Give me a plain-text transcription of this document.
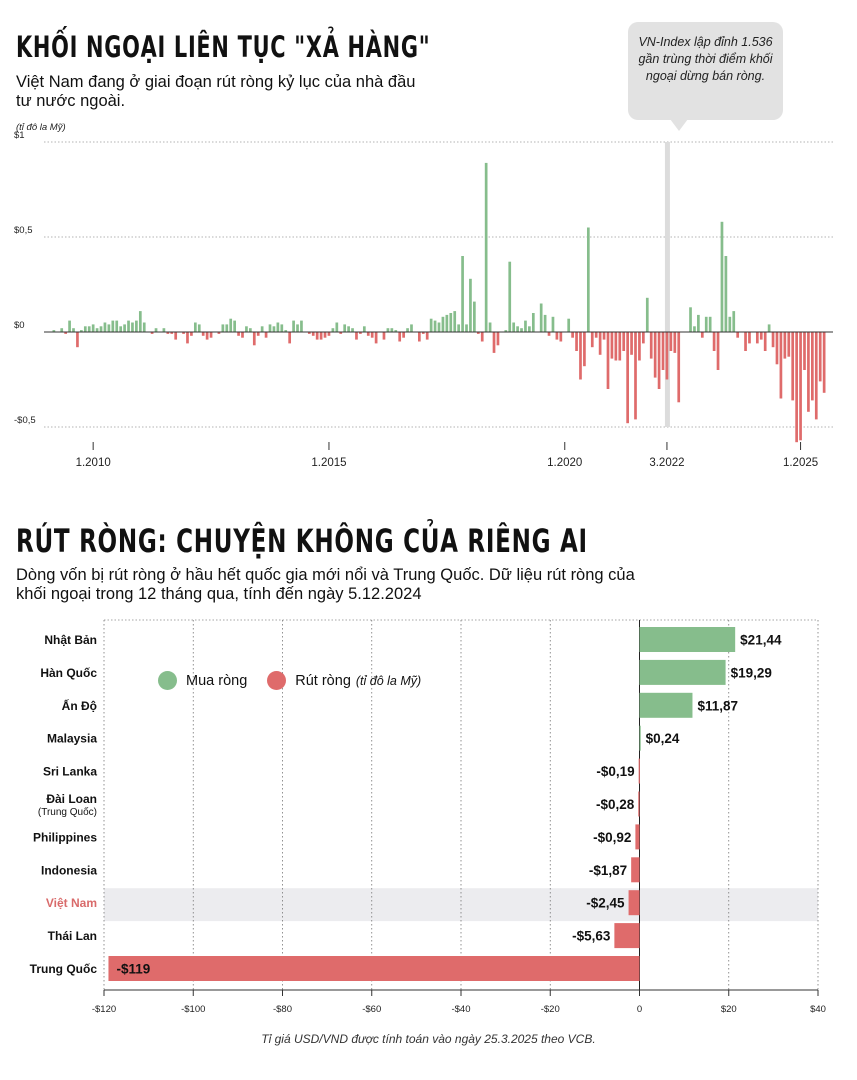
KHỐI NGOẠI LIÊN TỤC "XẢ HÀNG"
Việt Nam đang ở giai đoạn rút ròng kỷ lục của nhà đầu tư nước ngoài.
(tỉ đô la Mỹ)
VN-Index lập đỉnh 1.536 gần trùng thời điểm khối ngoại dừng bán ròng.
$1
$0,5
$0
-$0,5
1.2010	1.2015	1.2020	3.2022	1.2025
RÚT RÒNG: CHUYỆN KHÔNG CỦA RIÊNG AI
Dòng vốn bị rút ròng ở hầu hết quốc gia mới nổi và Trung Quốc. Dữ liệu rút ròng của khối ngoại trong 12 tháng qua, tính đến ngày 5.12.2024
-$120	-$100	-$80	-$60	-$40	-$20	0	$20	$40
$21,44
Nhật Bản
$19,29
Hàn Quốc
$11,87
Ấn Độ
$0,24
Malaysia
-$0,19
Sri Lanka
-$0,28
Đài Loan
(Trung Quốc)
-$0,92
Philippines
-$1,87
Indonesia
-$2,45
Việt Nam
-$5,63
Thái Lan
-$119
Trung Quốc
Mua ròng	Rút ròng (tỉ đô la Mỹ)
Tỉ giá USD/VND được tính toán vào ngày 25.3.2025 theo VCB.
